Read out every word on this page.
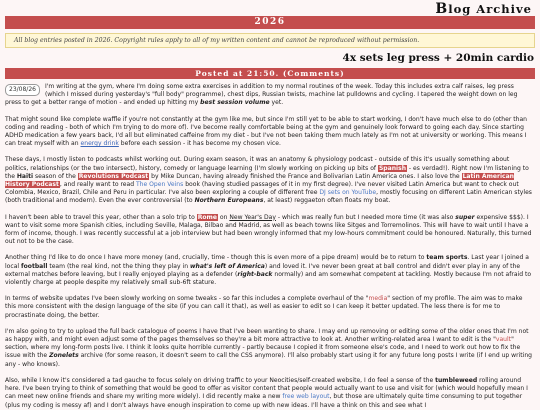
Blog Archive
2026
All blog entries posted in 2026. Copyright rules apply to all of my written content and cannot be reproduced without permission.
4x sets leg press + 20min cardio
Posted at 21:50. (Comments)

23/08/26	I'm writing at the gym, where I'm doing some extra exercises in addition to my normal routines of the week. Today this includes extra calf raises, leg press (which I missed during yesterday's "full body" programme), chest dips, Russian twists, machine lat pulldowns and cycling. I tapered the weight down on leg press to get a better range of motion - and ended up hitting my best session volume yet.

That might sound like complete waffle if you're not constantly at the gym like me, but since I'm still yet to be able to start working, I don't have much else to do (other than coding and reading - both of which I'm trying to do more of). I've become really comfortable being at the gym and genuinely look forward to going each day. Since starting ADHD medication a few years back, I'd all but eliminated caffeine from my diet - but I've not been taking them much lately as I'm not at university or working. This means I can treat myself with an energy drink before each session - it has become my chosen vice.

These days, I mostly listen to podcasts whilst working out. During exam season, it was an anatomy & physiology podcast - outside of this it's usually something about politics, relationships (or the two intersect), history, comedy or language learning (I'm slowly working on picking up bits of Spanish - es verdad!). Right now I'm listening to the Haiti season of the Revolutions Podcast by Mike Duncan, having already finished the France and Bolivarian Latin America ones. I also love the Latin American History Podcast, and really want to read The Open Veins book (having studied passages of it in my first degree). I've never visited Latin America but want to check out Colombia, Mexico, Brazil, Chile and Peru in particular. I've also been exploring a couple of different free DJ sets on YouTube, mostly focusing on different Latin American styles (both traditional and modern). Even the ever controversial (to Northern Europeans, at least) reggaeton often floats my boat.

I haven't been able to travel this year, other than a solo trip to Rome on New Year's Day - which was really fun but I needed more time (it was also super expensive $$$). I want to visit some more Spanish cities, including Seville, Malaga, Bilbao and Madrid, as well as beach towns like Sitges and Torremolinos. This will have to wait until I have a form of income, though. I was recently successful at a job interview but had been wrongly informed that my low-hours commitment could be honoured. Naturally, this turned out not to be the case.

Another thing I'd like to do once I have more money (and, crucially, time - though this is even more of a pipe dream) would be to return to team sports. Last year I joined a local football team (the real kind, not the thing they play in what's left of America) and loved it. I've never been great at ball control and didn't ever play in any of the external matches before leaving, but I really enjoyed playing as a defender (right-back normally) and am somewhat competent at tackling. Mostly because I'm not afraid to violently charge at people despite my relatively small sub-6ft stature.

In terms of website updates I've been slowly working on some tweaks - so far this includes a complete overhaul of the "media" section of my profile. The aim was to make this more consistent with the design language of the site (if you can call it that), as well as easier to edit so I can keep it better updated. The less there is for me to procrastinate doing, the better.

I'm also going to try to upload the full back catalogue of poems I have that I've been wanting to share. I may end up removing or editing some of the older ones that I'm not as happy with, and might even adjust some of the pages themselves so they're a bit more attractive to look at. Another writing-related area I want to edit is the "vault" section, where my long-form posts live. I think it looks quite horrible currently - partly because I copied it from someone else's code, and I need to work out how to fix the issue with the Zonelets archive (for some reason, it doesn't seem to call the CSS anymore). I'll also probably start using it for any future long posts I write (if I end up writing any - who knows).

Also, while I know it's considered a tad gauche to focus solely on driving traffic to your Neocities/self-created website, I do feel a sense of the tumbleweed rolling around here. I've been trying to think of something that would be good to offer as visitor content that people would actually want to use and visit for (which would hopefully mean I can meet new online friends and share my writing more widely). I did recently make a new free web layout, but those are ultimately quite time consuming to put together (plus my coding is messy af) and I don't always have enough inspiration to come up with new ideas. I'll have a think on this and see what I
